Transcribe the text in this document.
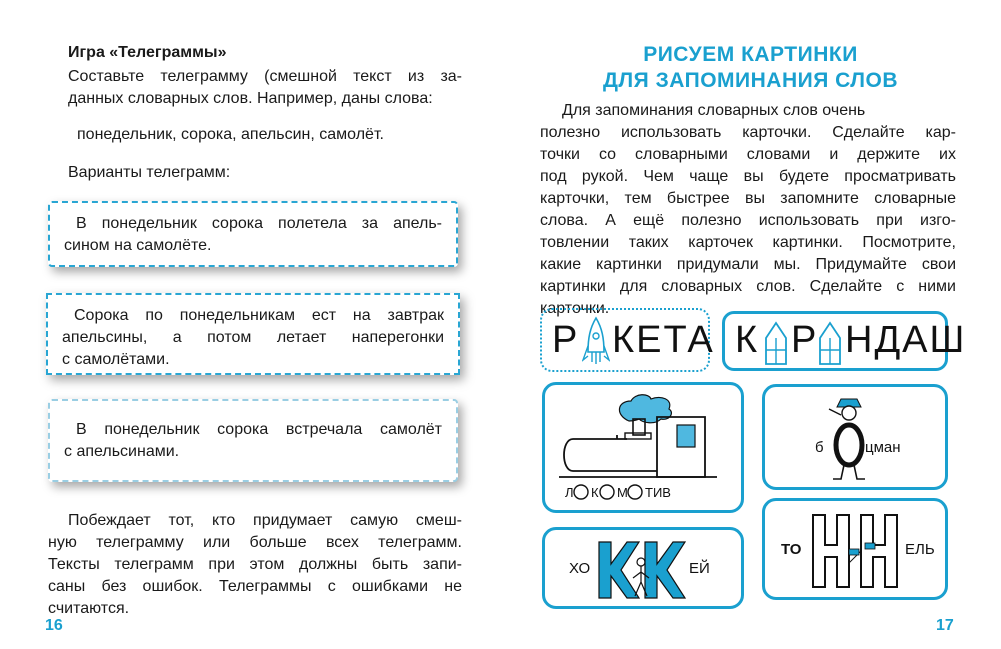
Игра «Телеграммы»

Составьте телеграмму (смешной текст из за-

данных словарных слов. Например, даны слова:

понедельник, сорока, апельсин, самолёт.

Варианты телеграмм:

В понедельник сорока полетела за апель-

сином на самолёте.

Сорока по понедельникам ест на завтрак

апельсины, а потом летает наперегонки

с самолётами.

В понедельник сорока встречала самолёт

с апельсинами.

Побеждает тот, кто придумает самую смеш-

ную телеграмму или больше всех телеграмм.

Тексты телеграмм при этом должны быть запи-

саны без ошибок. Телеграммы с ошибками не

считаются.

16
РИСУЕМ КАРТИНКИ
ДЛЯ ЗАПОМИНАНИЯ СЛОВ

Для запоминания словарных слов очень

полезно использовать карточки. Сделайте кар-

точки со словарными словами и держите их

под рукой. Чем чаще вы будете просматривать

карточки, тем быстрее вы запомните словарные

слова. А ещё полезно использовать при изго-

товлении таких карточек картинки. Посмотрите,

какие картинки придумали мы. Придумайте свои

картинки для словарных слов. Сделайте с ними

карточки.

Р КЕТА К Р НДАШ
Л К М ТИВ
б	цман
ХО	ЕЙ
ТО	ЕЛЬ
17
